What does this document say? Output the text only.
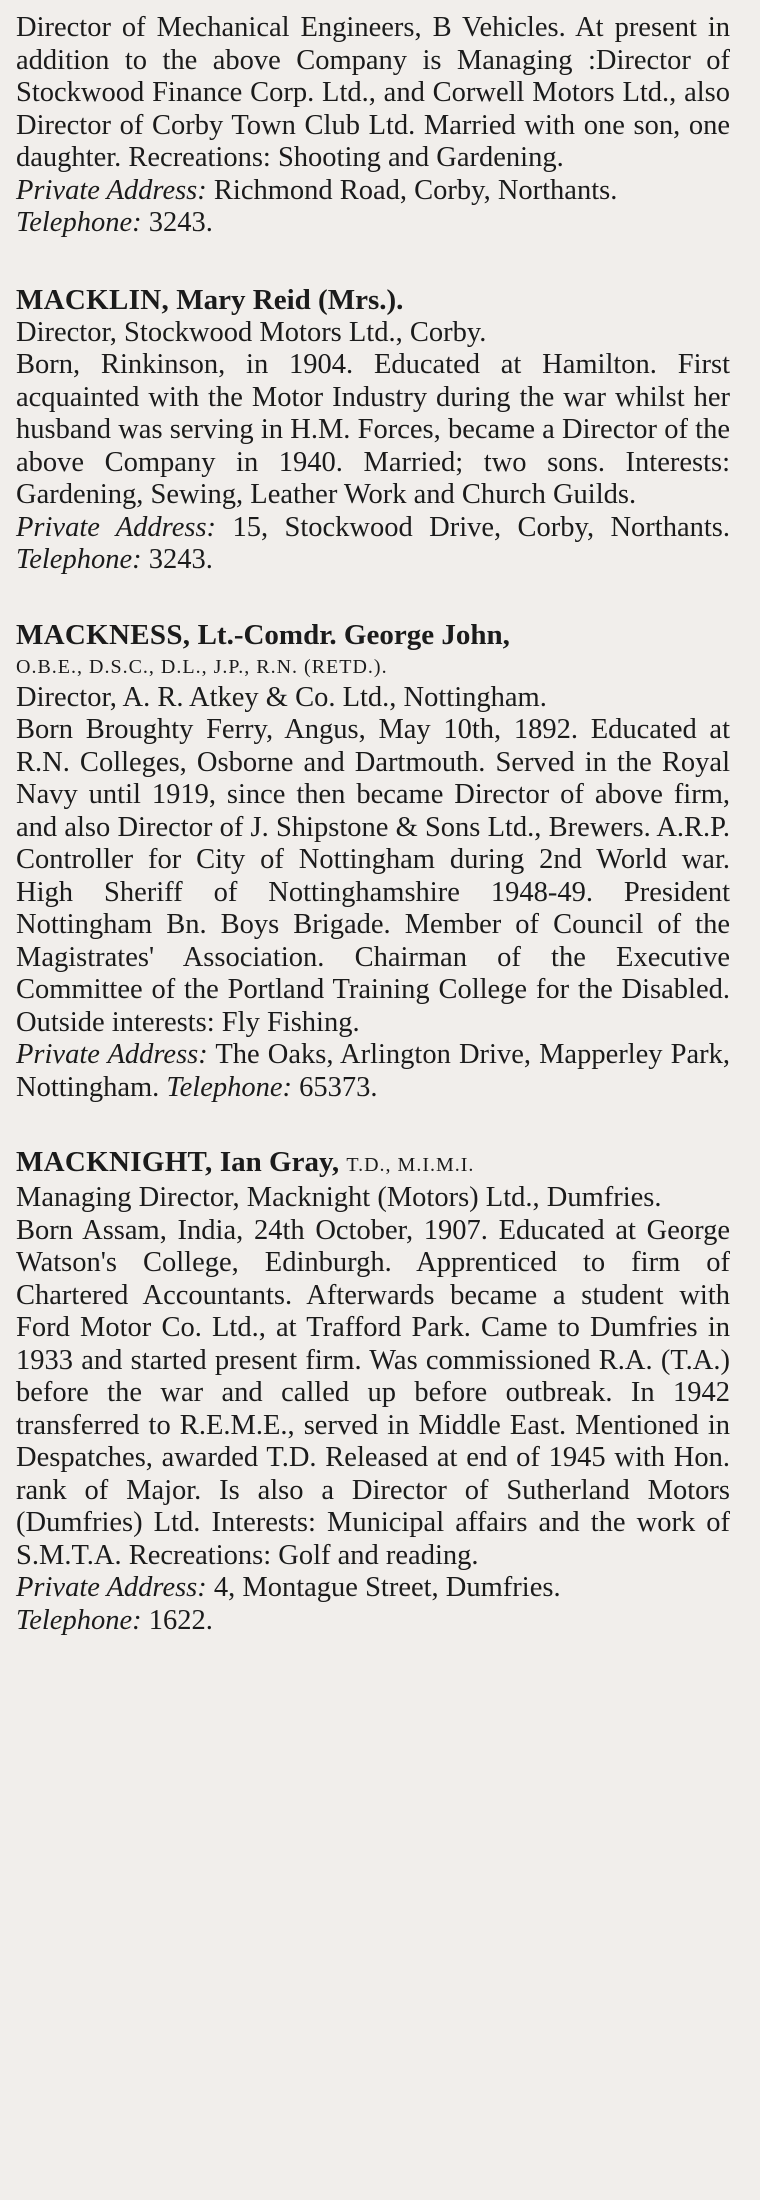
Director of Mechanical Engineers, B Vehicles. At present in addition to the above Company is Managing :Director of Stockwood Finance Corp. Ltd., and Corwell Motors Ltd., also Director of Corby Town Club Ltd. Married with one son, one daughter. Recreations: Shooting and Gardening.

Private Address: Richmond Road, Corby, Northants. Telephone: 3243.

MACKLIN, Mary Reid (Mrs.).

Director, Stockwood Motors Ltd., Corby.

Born, Rinkinson, in 1904. Educated at Hamilton. First acquainted with the Motor Industry during the war whilst her husband was serving in H.M. Forces, became a Director of the above Company in 1940. Married; two sons. Interests: Gardening, Sewing, Leather Work and Church Guilds.

Private Address: 15, Stockwood Drive, Corby, Northants. Telephone: 3243.

MACKNESS, Lt.-Comdr. George John,

O.B.E., D.S.C., D.L., J.P., R.N. (RETD.).

Director, A. R. Atkey & Co. Ltd., Nottingham.

Born Broughty Ferry, Angus, May 10th, 1892. Educated at R.N. Colleges, Osborne and Dartmouth. Served in the Royal Navy until 1919, since then became Director of above firm, and also Director of J. Shipstone & Sons Ltd., Brewers. A.R.P. Controller for City of Nottingham during 2nd World war. High Sheriff of Nottinghamshire 1948-49. President Nottingham Bn. Boys Brigade. Member of Council of the Magistrates' Association. Chairman of the Executive Committee of the Portland Training College for the Disabled. Outside interests: Fly Fishing.

Private Address: The Oaks, Arlington Drive, Mapperley Park, Nottingham. Telephone: 65373.

MACKNIGHT, Ian Gray, T.D., M.I.M.I.

Managing Director, Macknight (Motors) Ltd., Dumfries.

Born Assam, India, 24th October, 1907. Educated at George Watson's College, Edinburgh. Apprenticed to firm of Chartered Accountants. Afterwards became a student with Ford Motor Co. Ltd., at Trafford Park. Came to Dumfries in 1933 and started present firm. Was commissioned R.A. (T.A.) before the war and called up before outbreak. In 1942 transferred to R.E.M.E., served in Middle East. Mentioned in Despatches, awarded T.D. Released at end of 1945 with Hon. rank of Major. Is also a Director of Sutherland Motors (Dumfries) Ltd. Interests: Municipal affairs and the work of S.M.T.A. Recreations: Golf and reading.

Private Address: 4, Montague Street, Dumfries.
Telephone: 1622.
